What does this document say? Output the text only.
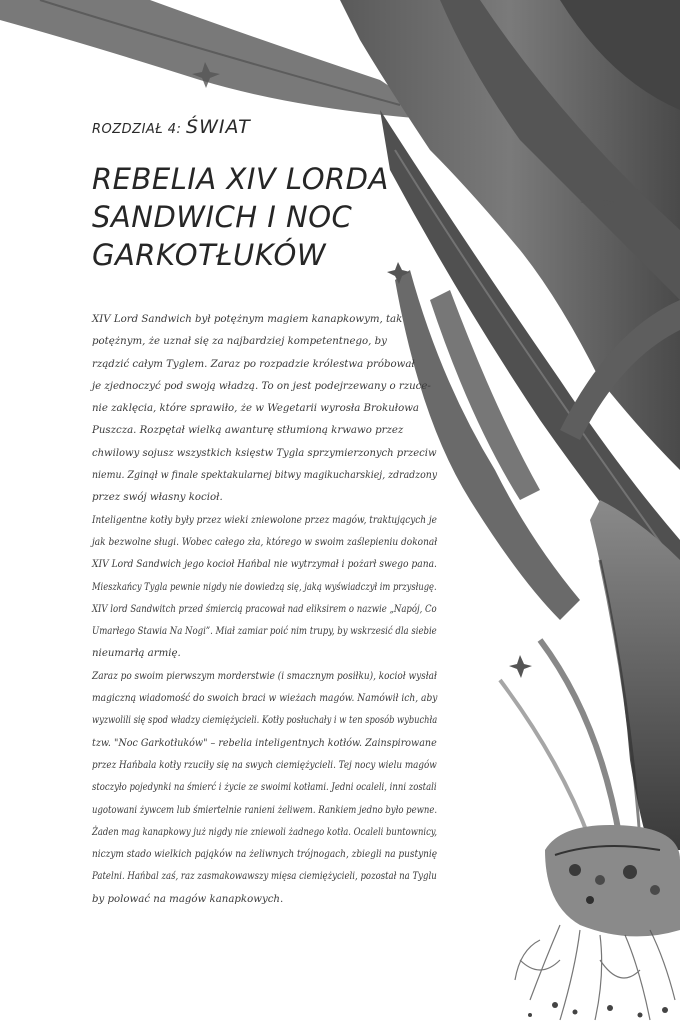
ROZDZIAŁ 4: ŚWIAT
REBELIA XIV LORDA
SANDWICH I NOC
GARKOTŁUKÓW
XIV Lord Sandwich był potężnym magiem kanapkowym, tak
potężnym, że uznał się za najbardziej kompetentnego, by
rządzić całym Tyglem. Zaraz po rozpadzie królestwa próbował
je zjednoczyć pod swoją władzą. To on jest podejrzewany o rzuce-
nie zaklęcia, które sprawiło, że w Wegetarii wyrosła Brokułowa
Puszcza. Rozpętał wielką awanturę stłumioną krwawo przez
chwilowy sojusz wszystkich księstw Tygla sprzymierzonych przeciw
niemu. Zginął w finale spektakularnej bitwy magikucharskiej, zdradzony
przez swój własny kocioł.
Inteligentne kotły były przez wieki zniewolone przez magów, traktujących je
jak bezwolne sługi. Wobec całego zła, którego w swoim zaślepieniu dokonał
XIV Lord Sandwich jego kocioł Hańbal nie wytrzymał i pożarł swego pana.
Mieszkańcy Tygla pewnie nigdy nie dowiedzą się, jaką wyświadczył im przysługę.
XIV lord Sandwitch przed śmiercią pracował nad eliksirem o nazwie „Napój, Co
Umarłego Stawia Na Nogi”. Miał zamiar poić nim trupy, by wskrzesić dla siebie
nieumarłą armię.
Zaraz po swoim pierwszym morderstwie (i smacznym posiłku), kocioł wysłał
magiczną wiadomość do swoich braci w wieżach magów. Namówił ich, aby
wyzwolili się spod władzy ciemiężycieli. Kotły posłuchały i w ten sposób wybuchła
tzw. "Noc Garkotłuków" – rebelia inteligentnych kotłów. Zainspirowane
przez Hańbala kotły rzuciły się na swych ciemiężycieli. Tej nocy wielu magów
stoczyło pojedynki na śmierć i życie ze swoimi kotłami. Jedni ocaleli, inni zostali
ugotowani żywcem lub śmiertelnie ranieni żeliwem. Rankiem jedno było pewne.
Żaden mag kanapkowy już nigdy nie zniewoli żadnego kotła. Ocaleli buntownicy,
niczym stado wielkich pająków na żeliwnych trójnogach, zbiegli na pustynię
Patelni. Hańbal zaś, raz zasmakowawszy mięsa ciemiężycieli, pozostał na Tyglu
by polować na magów kanapkowych.
